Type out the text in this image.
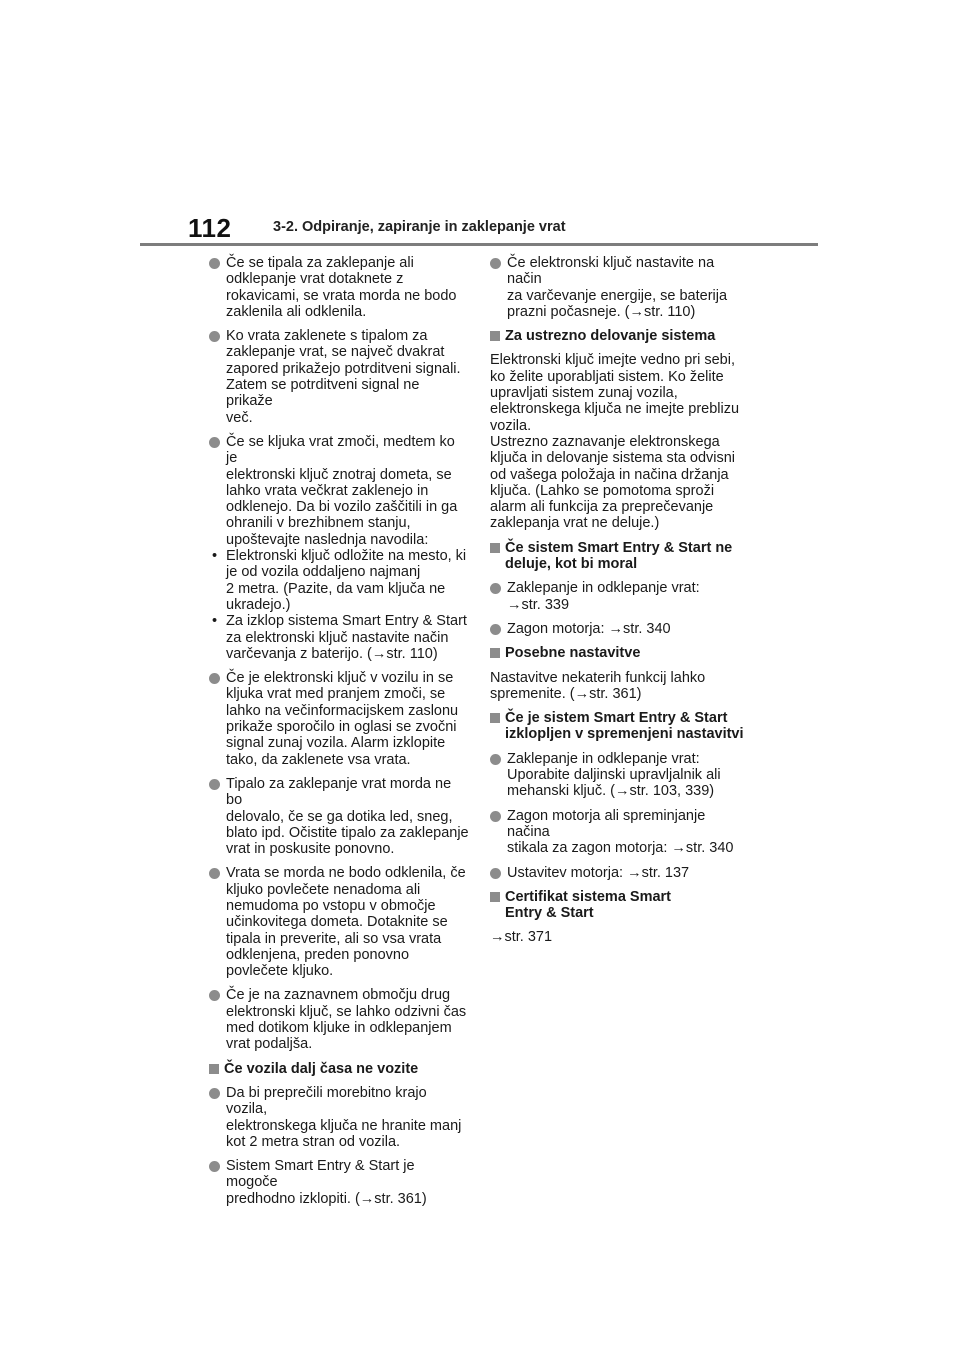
112	3-2. Odpiranje, zapiranje in zaklepanje vrat
Če se tipala za zaklepanje ali
odklepanje vrat dotaknete z
rokavicami, se vrata morda ne bodo
zaklenila ali odklenila.
Ko vrata zaklenete s tipalom za
zaklepanje vrat, se največ dvakrat
zapored prikažejo potrditveni signali.
Zatem se potrditveni signal ne prikaže
več.
Če se kljuka vrat zmoči, medtem ko je
elektronski ključ znotraj dometa, se
lahko vrata večkrat zaklenejo in
odklenejo. Da bi vozilo zaščitili in ga
ohranili v brezhibnem stanju,
upoštevajte naslednja navodila:
• Elektronski ključ odložite na mesto, ki
je od vozila oddaljeno najmanj
2 metra. (Pazite, da vam ključa ne
ukradejo.)
• Za izklop sistema Smart Entry & Start
za elektronski ključ nastavite način
varčevanja z baterijo. (→str. 110)
Če je elektronski ključ v vozilu in se
kljuka vrat med pranjem zmoči, se
lahko na večinformacijskem zaslonu
prikaže sporočilo in oglasi se zvočni
signal zunaj vozila. Alarm izklopite
tako, da zaklenete vsa vrata.
Tipalo za zaklepanje vrat morda ne bo
delovalo, če se ga dotika led, sneg,
blato ipd. Očistite tipalo za zaklepanje
vrat in poskusite ponovno.
Vrata se morda ne bodo odklenila, če
kljuko povlečete nenadoma ali
nemudoma po vstopu v območje
učinkovitega dometa. Dotaknite se
tipala in preverite, ali so vsa vrata
odklenjena, preden ponovno
povlečete kljuko.
Če je na zaznavnem območju drug
elektronski ključ, se lahko odzivni čas
med dotikom kljuke in odklepanjem
vrat podaljša.
Če vozila dalj časa ne vozite
Da bi preprečili morebitno krajo vozila,
elektronskega ključa ne hranite manj
kot 2 metra stran od vozila.
Sistem Smart Entry & Start je mogoče
predhodno izklopiti. (→str. 361)
Če elektronski ključ nastavite na način
za varčevanje energije, se baterija
prazni počasneje. (→str. 110)
Za ustrezno delovanje sistema
Elektronski ključ imejte vedno pri sebi,
ko želite uporabljati sistem. Ko želite
upravljati sistem zunaj vozila,
elektronskega ključa ne imejte preblizu
vozila.
Ustrezno zaznavanje elektronskega
ključa in delovanje sistema sta odvisni
od vašega položaja in načina držanja
ključa. (Lahko se pomotoma sproži
alarm ali funkcija za preprečevanje
zaklepanja vrat ne deluje.)
Če sistem Smart Entry & Start ne
deluje, kot bi moral
Zaklepanje in odklepanje vrat:
→str. 339
Zagon motorja: →str. 340
Posebne nastavitve
Nastavitve nekaterih funkcij lahko
spremenite. (→str. 361)
Če je sistem Smart Entry & Start
izklopljen v spremenjeni nastavitvi
Zaklepanje in odklepanje vrat:
Uporabite daljinski upravljalnik ali
mehanski ključ. (→str. 103, 339)
Zagon motorja ali spreminjanje načina
stikala za zagon motorja: →str. 340
Ustavitev motorja: →str. 137
Certifikat sistema Smart
Entry & Start
→str. 371
